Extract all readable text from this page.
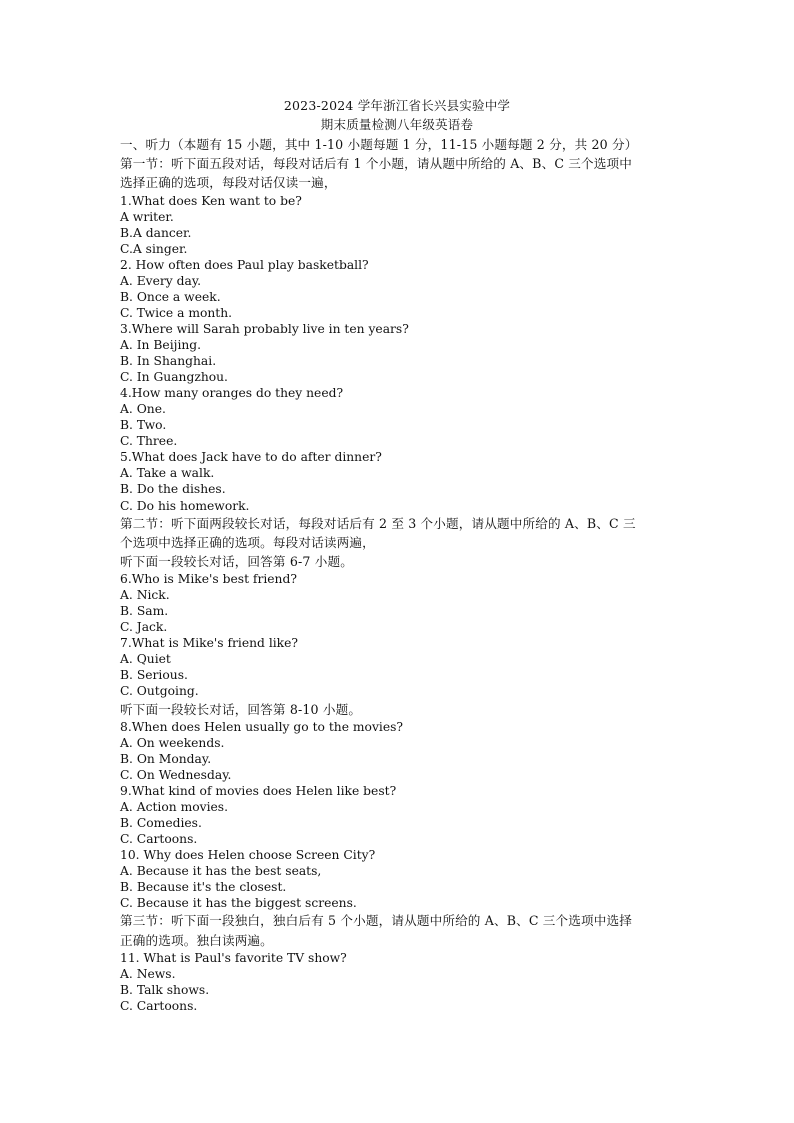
2023-2024 学年浙江省长兴县实验中学
期末质量检测八年级英语卷
一、听力（本题有 15 小题，其中 1-10 小题每题 1 分，11-15 小题每题 2 分，共 20 分）
第一节：听下面五段对话，每段对话后有 1 个小题，请从题中所给的 A、B、C 三个选项中
选择正确的选项，每段对话仅读一遍，
1.What does Ken want to be?
A writer.
B.A dancer.
C.A singer.
2. How often does Paul play basketball?
A. Every day.
B. Once a week.
C. Twice a month.
3.Where will Sarah probably live in ten years?
A. In Beijing.
B. In Shanghai.
C. In Guangzhou.
4.How many oranges do they need?
A. One.
B. Two.
C. Three.
5.What does Jack have to do after dinner?
A. Take a walk.
B. Do the dishes.
C. Do his homework.
第二节：听下面两段较长对话，每段对话后有 2 至 3 个小题，请从题中所给的 A、B、C 三
个选项中选择正确的选项。每段对话读两遍，
听下面一段较长对话，回答第 6-7 小题。
6.Who is Mike's best friend?
A. Nick.
B. Sam.
C. Jack.
7.What is Mike's friend like?
A. Quiet
B. Serious.
C. Outgoing.
听下面一段较长对话，回答第 8-10 小题。
8.When does Helen usually go to the movies?
A. On weekends.
B. On Monday.
C. On Wednesday.
9.What kind of movies does Helen like best?
A. Action movies.
B. Comedies.
C. Cartoons.
10. Why does Helen choose Screen City?
A. Because it has the best seats,
B. Because it's the closest.
C. Because it has the biggest screens.
第三节：听下面一段独白，独白后有 5 个小题，请从题中所给的 A、B、C 三个选项中选择
正确的选项。独白读两遍。
11. What is Paul's favorite TV show?
A. News.
B. Talk shows.
C. Cartoons.
